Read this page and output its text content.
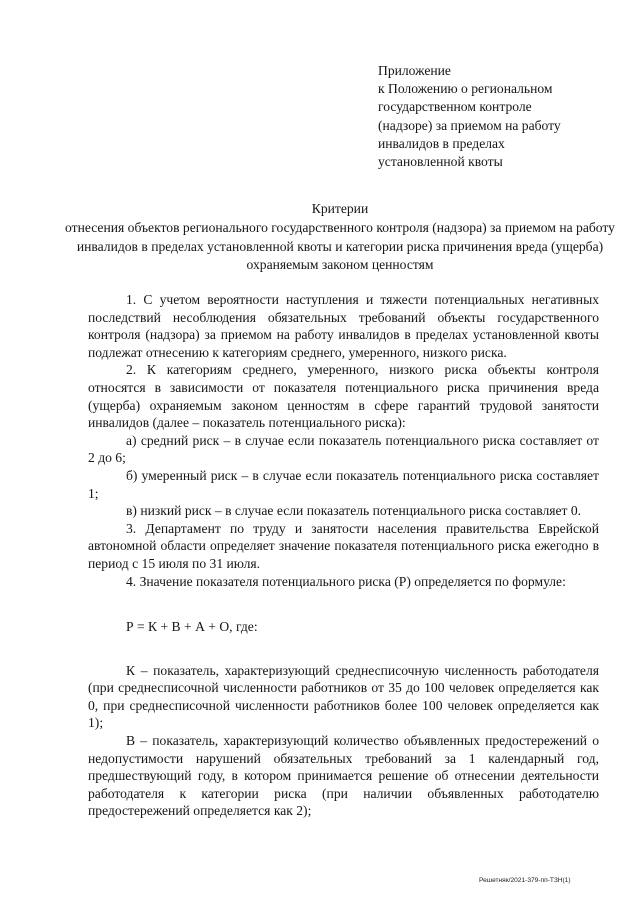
Приложение
к Положению о региональном
государственном контроле
(надзоре) за приемом на работу
инвалидов в пределах
установленной квоты
Критерии
отнесения объектов регионального государственного контроля (надзора) за приемом на работу инвалидов в пределах установленной квоты и категории риска причинения вреда (ущерба) охраняемым законом ценностям

1. С учетом вероятности наступления и тяжести потенциальных негативных последствий несоблюдения обязательных требований объекты государственного контроля (надзора) за приемом на работу инвалидов в пределах установленной квоты подлежат отнесению к категориям среднего, умеренного, низкого риска.

2. К категориям среднего, умеренного, низкого риска объекты контроля относятся в зависимости от показателя потенциального риска причинения вреда (ущерба) охраняемым законом ценностям в сфере гарантий трудовой занятости инвалидов (далее – показатель потенциального риска):

а) средний риск – в случае если показатель потенциального риска составляет от 2 до 6;

б) умеренный риск – в случае если показатель потенциального риска составляет 1;

в) низкий риск – в случае если показатель потенциального риска составляет 0.

3. Департамент по труду и занятости населения правительства Еврейской автономной области определяет значение показателя потенциального риска ежегодно в период с 15 июля по 31 июля.

4. Значение показателя потенциального риска (Р) определяется по формуле:

Р = К + В + А + О, где:

К – показатель, характеризующий среднесписочную численность работодателя (при среднесписочной численности работников от 35 до 100 человек определяется как 0, при среднесписочной численности работников более 100 человек определяется как 1);

В – показатель, характеризующий количество объявленных предостережений о недопустимости нарушений обязательных требований за 1 календарный год, предшествующий году, в котором принимается решение об отнесении деятельности работодателя к категории риска (при наличии объявленных работодателю предостережений определяется как 2);

Решетняк/2021-379-пп-ТЗН(1)
